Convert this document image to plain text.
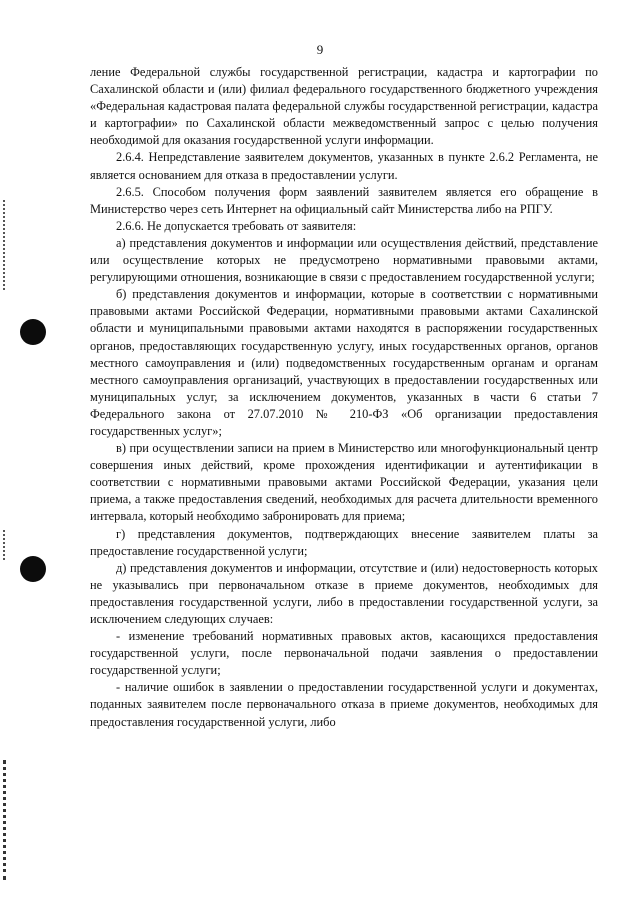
9

ление Федеральной службы государственной регистрации, кадастра и картографии по Сахалинской области и (или) филиал федерального государственного бюджетного учреждения «Федеральная кадастровая палата федеральной службы государственной регистрации, кадастра и картографии» по Сахалинской области межведомственный запрос с целью получения необходимой для оказания государственной услуги информации.

2.6.4. Непредставление заявителем документов, указанных в пункте 2.6.2 Регламента, не является основанием для отказа в предоставлении услуги.

2.6.5. Способом получения форм заявлений заявителем является его обращение в Министерство через сеть Интернет на официальный сайт Министерства либо на РПГУ.

2.6.6. Не допускается требовать от заявителя:

а) представления документов и информации или осуществления действий, представление или осуществление которых не предусмотрено нормативными правовыми актами, регулирующими отношения, возникающие в связи с предоставлением государственной услуги;

б) представления документов и информации, которые в соответствии с нормативными правовыми актами Российской Федерации, нормативными правовыми актами Сахалинской области и муниципальными правовыми актами находятся в распоряжении государственных органов, предоставляющих государственную услугу, иных государственных органов, органов местного самоуправления и (или) подведомственных государственным органам и органам местного самоуправления организаций, участвующих в предоставлении государственных или муниципальных услуг, за исключением документов, указанных в части 6 статьи 7 Федерального закона от 27.07.2010 № 210-ФЗ «Об организации предоставления государственных услуг»;

в) при осуществлении записи на прием в Министерство или многофункциональный центр совершения иных действий, кроме прохождения идентификации и аутентификации в соответствии с нормативными правовыми актами Российской Федерации, указания цели приема, а также предоставления сведений, необходимых для расчета длительности временного интервала, который необходимо забронировать для приема;

г) представления документов, подтверждающих внесение заявителем платы за предоставление государственной услуги;

д) представления документов и информации, отсутствие и (или) недостоверность которых не указывались при первоначальном отказе в приеме документов, необходимых для предоставления государственной услуги, либо в предоставлении государственной услуги, за исключением следующих случаев:

- изменение требований нормативных правовых актов, касающихся предоставления государственной услуги, после первоначальной подачи заявления о предоставлении государственной услуги;

- наличие ошибок в заявлении о предоставлении государственной услуги и документах, поданных заявителем после первоначального отказа в приеме документов, необходимых для предоставления государственной услуги, либо
